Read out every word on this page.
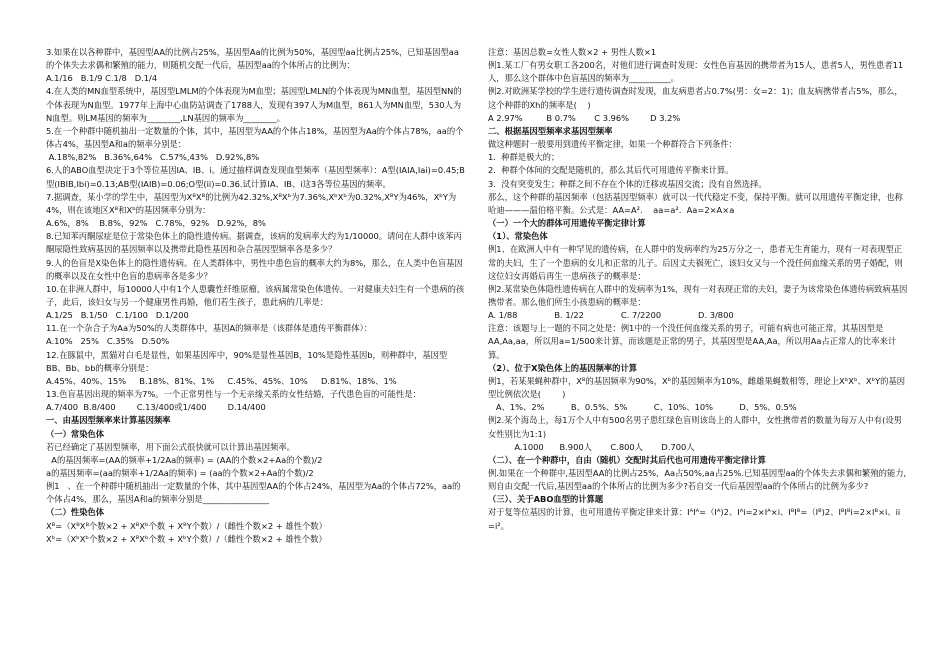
3.如果在以各种群中，基因型AA的比例占25%，基因型Aa的比例为50%，基因型aa比例占25%，已知基因型aa的个体失去求偶和繁殖的能力，则随机交配一代后，基因型aa的个体所占的比例为：

A.1/16   B.1/9 C.1/8   D.1/4

4.在人类的MN血型系统中，基因型LMLM的个体表现为M血型；基因型LMLN的个体表现为MN血型，基因型NN的个体表现为N血型。1977年上海中心血防站调查了1788人，发现有397人为M血型，861人为MN血型，530人为N血型。则LM基因的频率为________,LN基因的频率为________。

5.在一个种群中随机抽出一定数量的个体，其中，基因型为AA的个体占18%，基因型为Aa的个体占78%，aa的个体占4%，基因型A和a的频率分别是：

A.18%,82%   B.36%,64%   C.57%,43%   D.92%,8%

6.人的ABO血型决定于3个等位基因IA、IB、i。通过抽样调查发现血型频率（基因型频率）：A型(IAIA,Iai)=0.45;B型(IBIB,Ibi)=0.13;AB型(IAIB)=0.06;O型(ii)=0.36.试计算IA、IB、i这3各等位基因的频率。

7.据调查，某小学的学生中，基因型为XᴮXᴮ的比例为42.32%,XᴮXᵇ为7.36%,XᵇXᵇ为0.32%,XᴮY为46%，XᵇY为4%，则在该地区Xᴮ和Xᵇ的基因频率分别为：

A.6%，8%    B.8%，92%   C.78%，92%   D.92%，8%

8.已知苯丙酮尿症是位于常染色体上的隐性遗传病。据调查，该病的发病率大约为1/10000。请问在人群中该苯丙酮尿隐性致病基因的基因频率以及携带此隐性基因和杂合基因型频率各是多少？

9.人的色盲是X染色体上的隐性遗传病。在人类群体中，男性中患色盲的概率大约为8%，那么，在人类中色盲基因的概率以及在女性中色盲的患病率各是多少？

10.在非洲人群中，每10000人中有1个人患囊性纤维原瘤，该病属常染色体遗传。一对健康夫妇生有一个患病的孩子，此后，该妇女与另一个健康男性再婚，他们若生孩子，患此病的几率是：

A.1/25   B.1/50   C.1/100   D.1/200

11.在一个杂合子为Aa为50%的人类群体中，基因A的频率是（该群体是遗传平衡群体）：

A.10%   25%   C.35%   D.50%

12.在豚鼠中，黑猫对白毛是显性，如果基因库中，90%是显性基因B，10%是隐性基因b，则种群中，基因型BB、Bb、bb的概率分别是：

A.45%、40%、15%     B.18%、81%、1%     C.45%、45%、10%     D.81%、18%、1%

13.色盲基因出现的频率为7%。一个正常男性与一个无亲缘关系的女性结婚，子代患色盲的可能性是：     A.7/400  B.8/400        C.13/400或1/400        D.14/400

一、由基因型频率来计算基因频率

（一）常染色体

若已经确定了基因型频率，用下面公式很快就可以计算出基因频率。

A的基因频率=(AA的频率+1/2Aa的频率) = (AA的个数×2+Aa的个数)/2

a的基因频率=(aa的频率+1/2Aa的频率) = (aa的个数×2+Aa的个数)/2

例1   、在一个种群中随机抽出一定数量的个体，其中基因型AA的个体占24%，基因型为Aa的个体占72%，aa的个体占4%，那么，基因A和a的频率分别是________________

（二）性染色体

Xᴮ=（XᴮXᴮ个数×2 + XᴮXᵇ个数 + XᴮY个数）/（雌性个数×2 + 雄性个数）

Xᵇ=（XᵇXᵇ个数×2 + XᴮXᵇ个数 + XᵇY个数）/（雌性个数×2 + 雄性个数）

注意：基因总数=女性人数×2 + 男性人数×1

例1.某工厂有男女职工各200名，对他们进行调查时发现：女性色盲基因的携带者为15人，患者5人，男性患者11人，那么这个群体中色盲基因的频率为__________。

例2.对欧洲某学校的学生进行遗传调查时发现，血友病患者占0.7%(男：女=2：1)；血友病携带者占5%，那么，这个种群的Xh的频率是(    )

A 2.97%         B 0.7%       C 3.96%        D 3.2%

二、根据基因型频率求基因型频率

做这种题时一般要用到遗传平衡定律，如果一个种群符合下列条件：

1.  种群是极大的；

2.  种群个体间的交配是随机的，那么其后代可用遗传平衡来计算。

3.  没有突变发生；种群之间不存在个体的迁移或基因交流；没有自然选择。

那么，这个种群的基因频率（包括基因型频率）就可以一代代稳定不变，保持平衡。就可以用遗传平衡定律，也称哈迪———温伯格平衡。公式是：AA=A².    aa=a².  Aa=2×A×a

（一）一个大的群体可用遗传平衡定律计算

（1）、常染色体

例1、在欧洲人中有一种罕见的遗传病，在人群中的发病率约为25万分之一，患者无生育能力，现有一对表现型正常的夫妇，生了一个患病的女儿和正常的儿子。后因丈夫祸死亡，该妇女又与一个没任何血缘关系的男子婚配，则这位妇女再婚后再生一患病孩子的概率是：

例2.某常染色体隐性遗传病在人群中的发病率为1%，现有一对表现正常的夫妇，妻子为该常染色体遗传病致病基因携带者。那么他们所生小孩患病的概率是：

A. 1/88              B. 1/22              C. 7/2200              D. 3/800

注意：该题与上一题的不同之处是：例1中的一个没任何血缘关系的男子，可能有病也可能正常，其基因型是AA,Aa,aa，所以用a=1/500来计算，而该题是正常的男子，其基因型是AA,Aa，所以用Aa占正常人的比率来计算。

（2）、位于X染色体上的基因频率的计算

例1，若某果蝇种群中，Xᴮ的基因频率为90%，Xᵇ的基因频率为10%，雌雄果蝇数相等，理论上XᵇXᵇ、XᵇY的基因型比例依次是(        )

A、1%、2%          B、0.5%、5%          C、10%、10%          D、5%、0.5%

例2.某个海岛上，每1万个人中有500名男子患红绿色盲则该岛上的人群中，女性携带者的数量为每万人中有(设男女性别比为1:1)

A.1000      B.900人       C.800人       D.700人

（二）、在一个种群中，自由（随机）交配时其后代也可用遗传平衡定律计算

例.如果在一个种群中,基因型AA的比例占25%，Aa占50%,aa占25%.已知基因型aa的个体失去求偶和繁殖的能力,则自由交配一代后,基因型aa的个体所占的比例为多少?若自交一代后基因型aa的个体所占的比例为多少?

（三）、关于ABO血型的计算题

对于复等位基因的计算，也可用遗传平衡定律来计算：IᴬIᴬ=（Iᴬ)2、Iᴬi=2×Iᴬ×i、IᴮIᴮ=（Iᴮ)2、IᴮIᴮi=2×Iᴮ×i、ii =i²。
